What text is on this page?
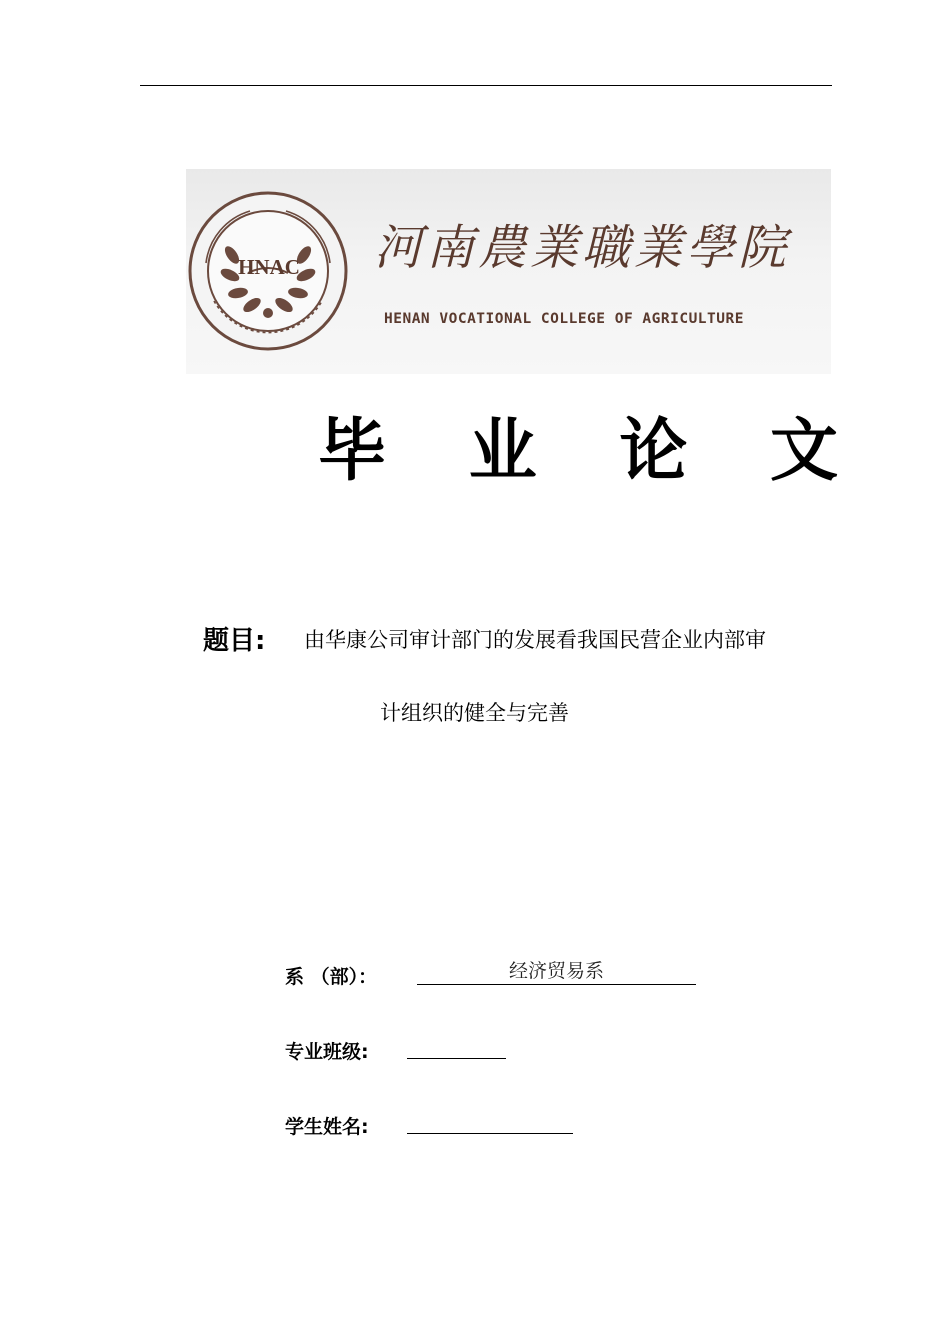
HNAC 河南農業職業學院
HENAN VOCATIONAL COLLEGE OF AGRICULTURE
毕 业 论 文
题目: 由华康公司审计部门的发展看我国民营企业内部审
计组织的健全与完善
系 （部）：	经济贸易系
专业班级:
学生姓名:
